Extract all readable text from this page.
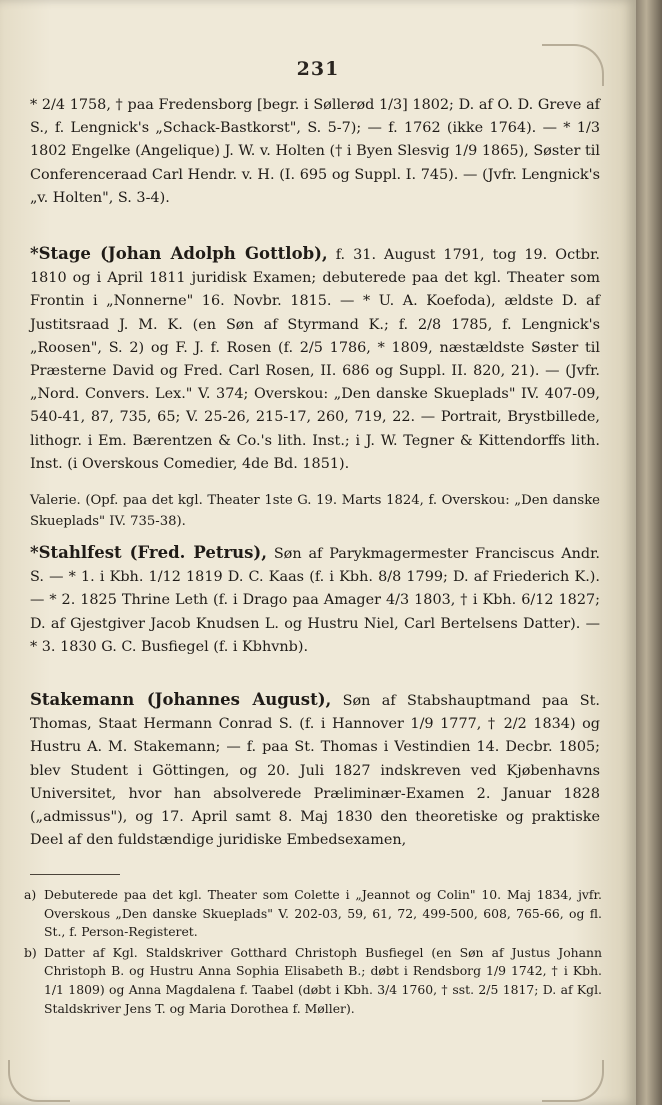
231

* 2/4 1758, † paa Fredensborg [begr. i Søllerød 1/3] 1802; D. af O. D. Greve af S., f. Lengnick's „Schack-Bastkorst", S. 5-7); — f. 1762 (ikke 1764). — * 1/3 1802 Engelke (Angelique) J. W. v. Holten († i Byen Slesvig 1/9 1865), Søster til Conferenceraad Carl Hendr. v. H. (I. 695 og Suppl. I. 745). — (Jvfr. Lengnick's „v. Holten", S. 3-4).

*Stage (Johan Adolph Gottlob), f. 31. August 1791, tog 19. Octbr. 1810 og i April 1811 juridisk Examen; debuterede paa det kgl. Theater som Frontin i „Nonnerne" 16. Novbr. 1815. — * U. A. Koefoda), ældste D. af Justitsraad J. M. K. (en Søn af Styrmand K.; f. 2/8 1785, f. Lengnick's „Roosen", S. 2) og F. J. f. Rosen (f. 2/5 1786, * 1809, næstældste Søster til Præsterne David og Fred. Carl Rosen, II. 686 og Suppl. II. 820, 21). — (Jvfr. „Nord. Convers. Lex." V. 374; Overskou: „Den danske Skueplads" IV. 407-09, 540-41, 87, 735, 65; V. 25-26, 215-17, 260, 719, 22. — Portrait, Brystbillede, lithogr. i Em. Bærentzen & Co.'s lith. Inst.; i J. W. Tegner & Kittendorffs lith. Inst. (i Overskous Comedier, 4de Bd. 1851).

Valerie. (Opf. paa det kgl. Theater 1ste G. 19. Marts 1824, f. Overskou: „Den danske Skueplads" IV. 735-38).

*Stahlfest (Fred. Petrus), Søn af Parykmagermester Franciscus Andr. S. — * 1. i Kbh. 1/12 1819 D. C. Kaas (f. i Kbh. 8/8 1799; D. af Friederich K.). — * 2. 1825 Thrine Leth (f. i Drago paa Amager 4/3 1803, † i Kbh. 6/12 1827; D. af Gjestgiver Jacob Knudsen L. og Hustru Niel, Carl Bertelsens Datter). — * 3. 1830 G. C. Busfiegel (f. i Kbhvnb).

Stakemann (Johannes August), Søn af Stabshauptmand paa St. Thomas, Staat Hermann Conrad S. (f. i Hannover 1/9 1777, † 2/2 1834) og Hustru A. M. Stakemann; — f. paa St. Thomas i Vestindien 14. Decbr. 1805; blev Student i Göttingen, og 20. Juli 1827 indskreven ved Kjøbenhavns Universitet, hvor han absolverede Præliminær-Examen 2. Januar 1828 („admissus"), og 17. April samt 8. Maj 1830 den theoretiske og praktiske Deel af den fuldstændige juridiske Embedsexamen,

a) Debuterede paa det kgl. Theater som Colette i „Jeannot og Colin" 10. Maj 1834, jvfr. Overskous „Den danske Skueplads" V. 202-03, 59, 61, 72, 499-500, 608, 765-66, og fl. St., f. Person-Registeret.

b) Datter af Kgl. Staldskriver Gotthard Christoph Busfiegel (en Søn af Justus Johann Christoph B. og Hustru Anna Sophia Elisabeth B.; døbt i Rendsborg 1/9 1742, † i Kbh. 1/1 1809) og Anna Magdalena f. Taabel (døbt i Kbh. 3/4 1760, † sst. 2/5 1817; D. af Kgl. Staldskriver Jens T. og Maria Dorothea f. Møller).
